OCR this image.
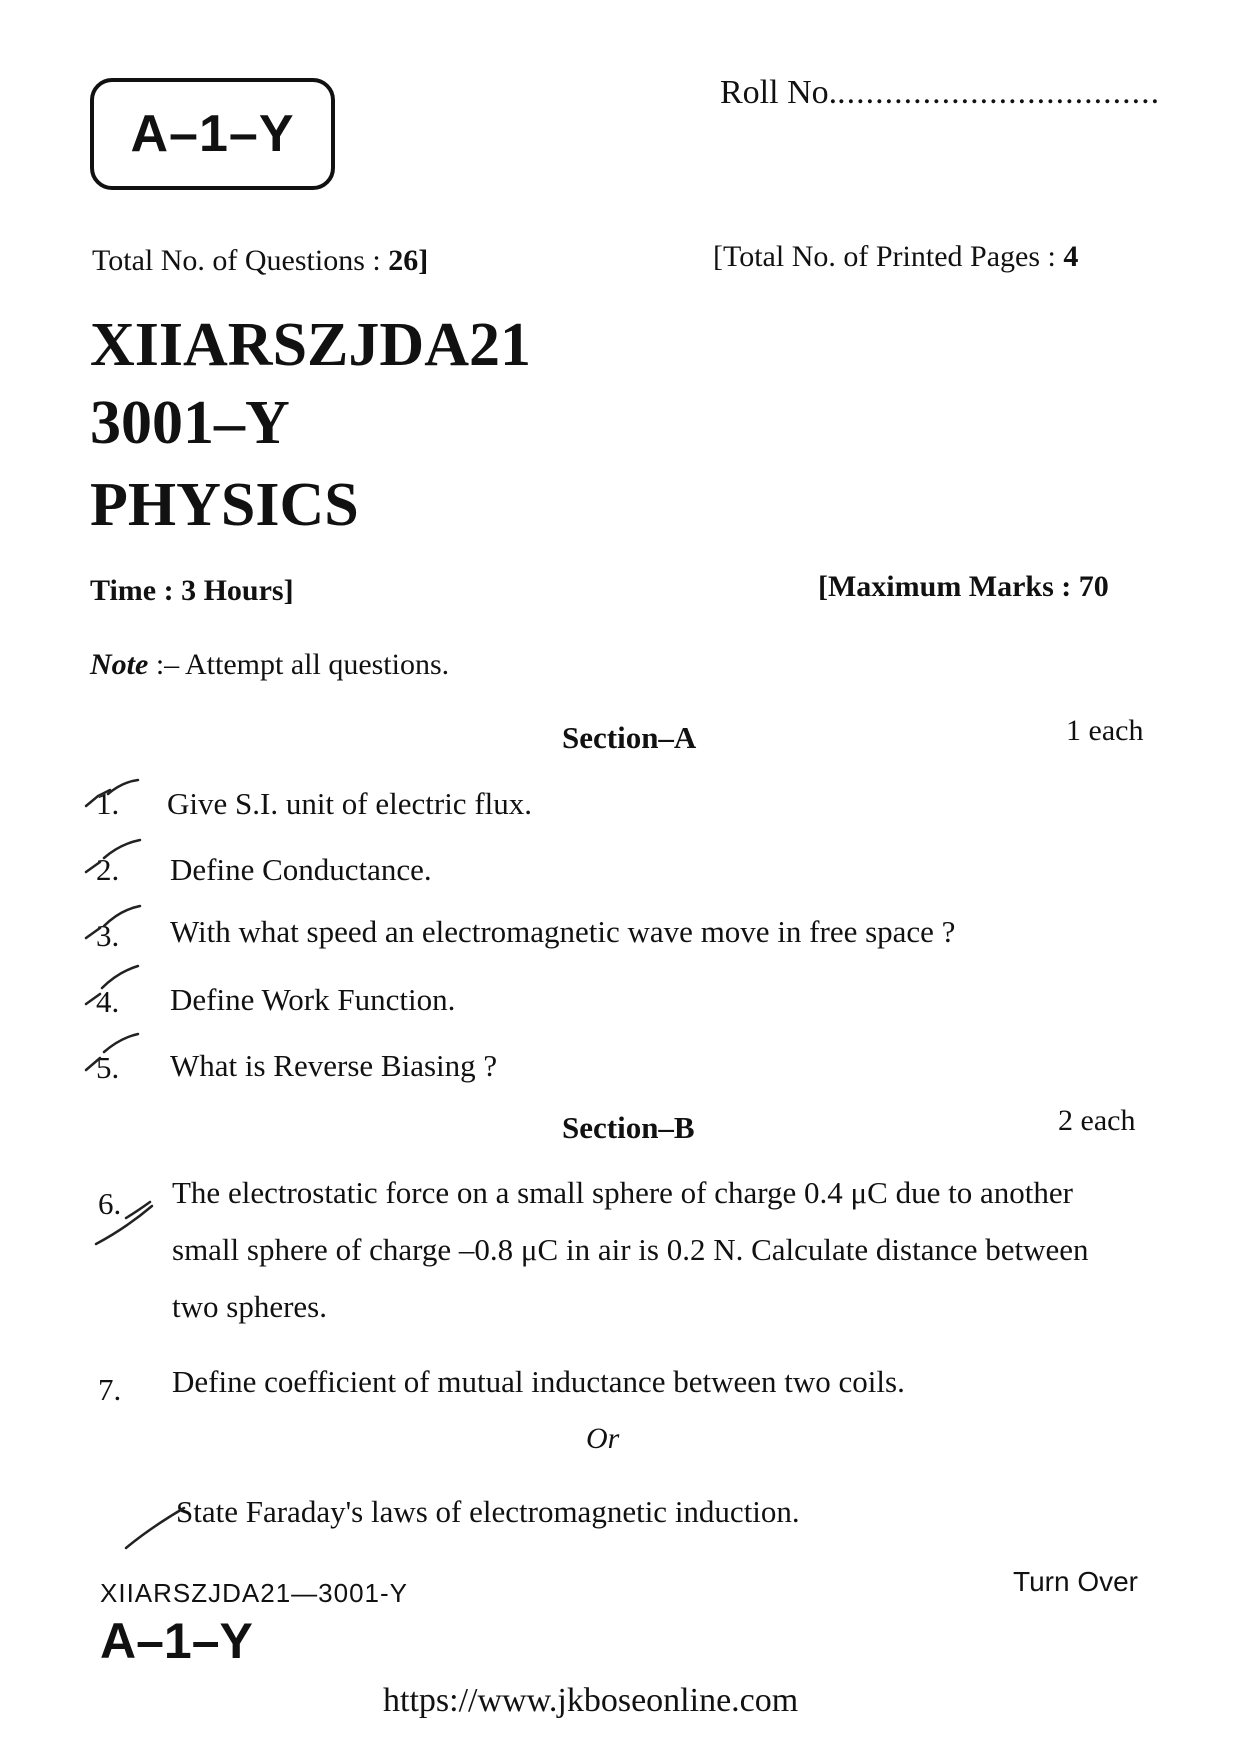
A–1–Y
Roll No...................................
Total No. of Questions : 26]	[Total No. of Printed Pages : 4
XIIARSZJDA21
3001–Y
PHYSICS
Time : 3 Hours]	[Maximum Marks : 70
Note :– Attempt all questions.
Section–A	1 each
1. Give S.I. unit of electric flux.
2. Define Conductance.
3. With what speed an electromagnetic wave move in free space ?
4. Define Work Function.
5. What is Reverse Biasing ?
Section–B	2 each
6. The electrostatic force on a small sphere of charge 0.4 μC due to another small sphere of charge –0.8 μC in air is 0.2 N. Calculate distance between two spheres.
7. Define coefficient of mutual inductance between two coils.
Or
State Faraday's laws of electromagnetic induction.
XIIARSZJDA21—3001-Y
A–1–Y
Turn Over
https://www.jkboseonline.com
